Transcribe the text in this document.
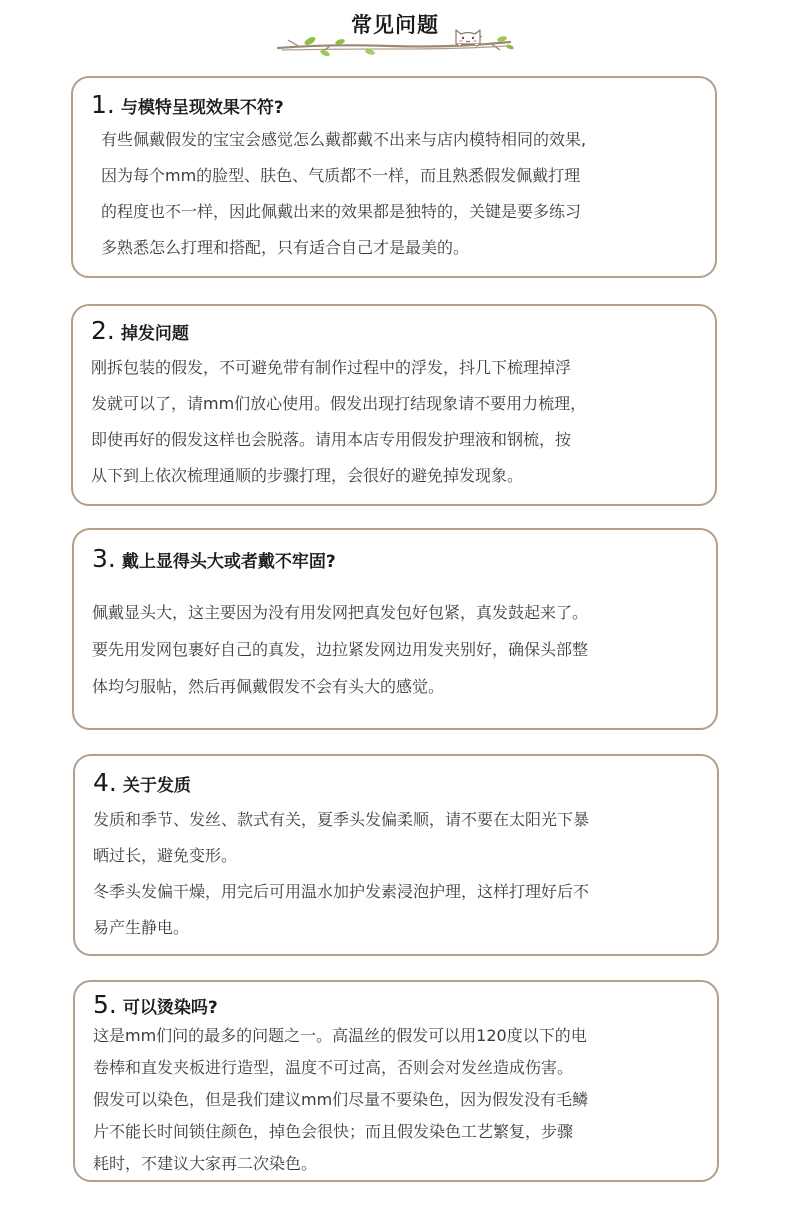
常见问题
1. 与模特呈现效果不符?
有些佩戴假发的宝宝会感觉怎么戴都戴不出来与店内模特相同的效果,
因为每个mm的脸型、肤色、气质都不一样，而且熟悉假发佩戴打理
的程度也不一样，因此佩戴出来的效果都是独特的，关键是要多练习
多熟悉怎么打理和搭配，只有适合自己才是最美的。
2. 掉发问题
刚拆包装的假发，不可避免带有制作过程中的浮发，抖几下梳理掉浮
发就可以了，请mm们放心使用。假发出现打结现象请不要用力梳理，
即使再好的假发这样也会脱落。请用本店专用假发护理液和钢梳，按
从下到上依次梳理通顺的步骤打理，会很好的避免掉发现象。
3. 戴上显得头大或者戴不牢固?
佩戴显头大，这主要因为没有用发网把真发包好包紧，真发鼓起来了。
要先用发网包裹好自己的真发，边拉紧发网边用发夹别好，确保头部整
体均匀服帖，然后再佩戴假发不会有头大的感觉。
4. 关于发质
发质和季节、发丝、款式有关，夏季头发偏柔顺，请不要在太阳光下暴
晒过长，避免变形。
冬季头发偏干燥，用完后可用温水加护发素浸泡护理，这样打理好后不
易产生静电。
5. 可以烫染吗?
这是mm们问的最多的问题之一。高温丝的假发可以用120度以下的电
卷棒和直发夹板进行造型，温度不可过高，否则会对发丝造成伤害。
假发可以染色，但是我们建议mm们尽量不要染色，因为假发没有毛鳞
片不能长时间锁住颜色，掉色会很快；而且假发染色工艺繁复，步骤
耗时，不建议大家再二次染色。
